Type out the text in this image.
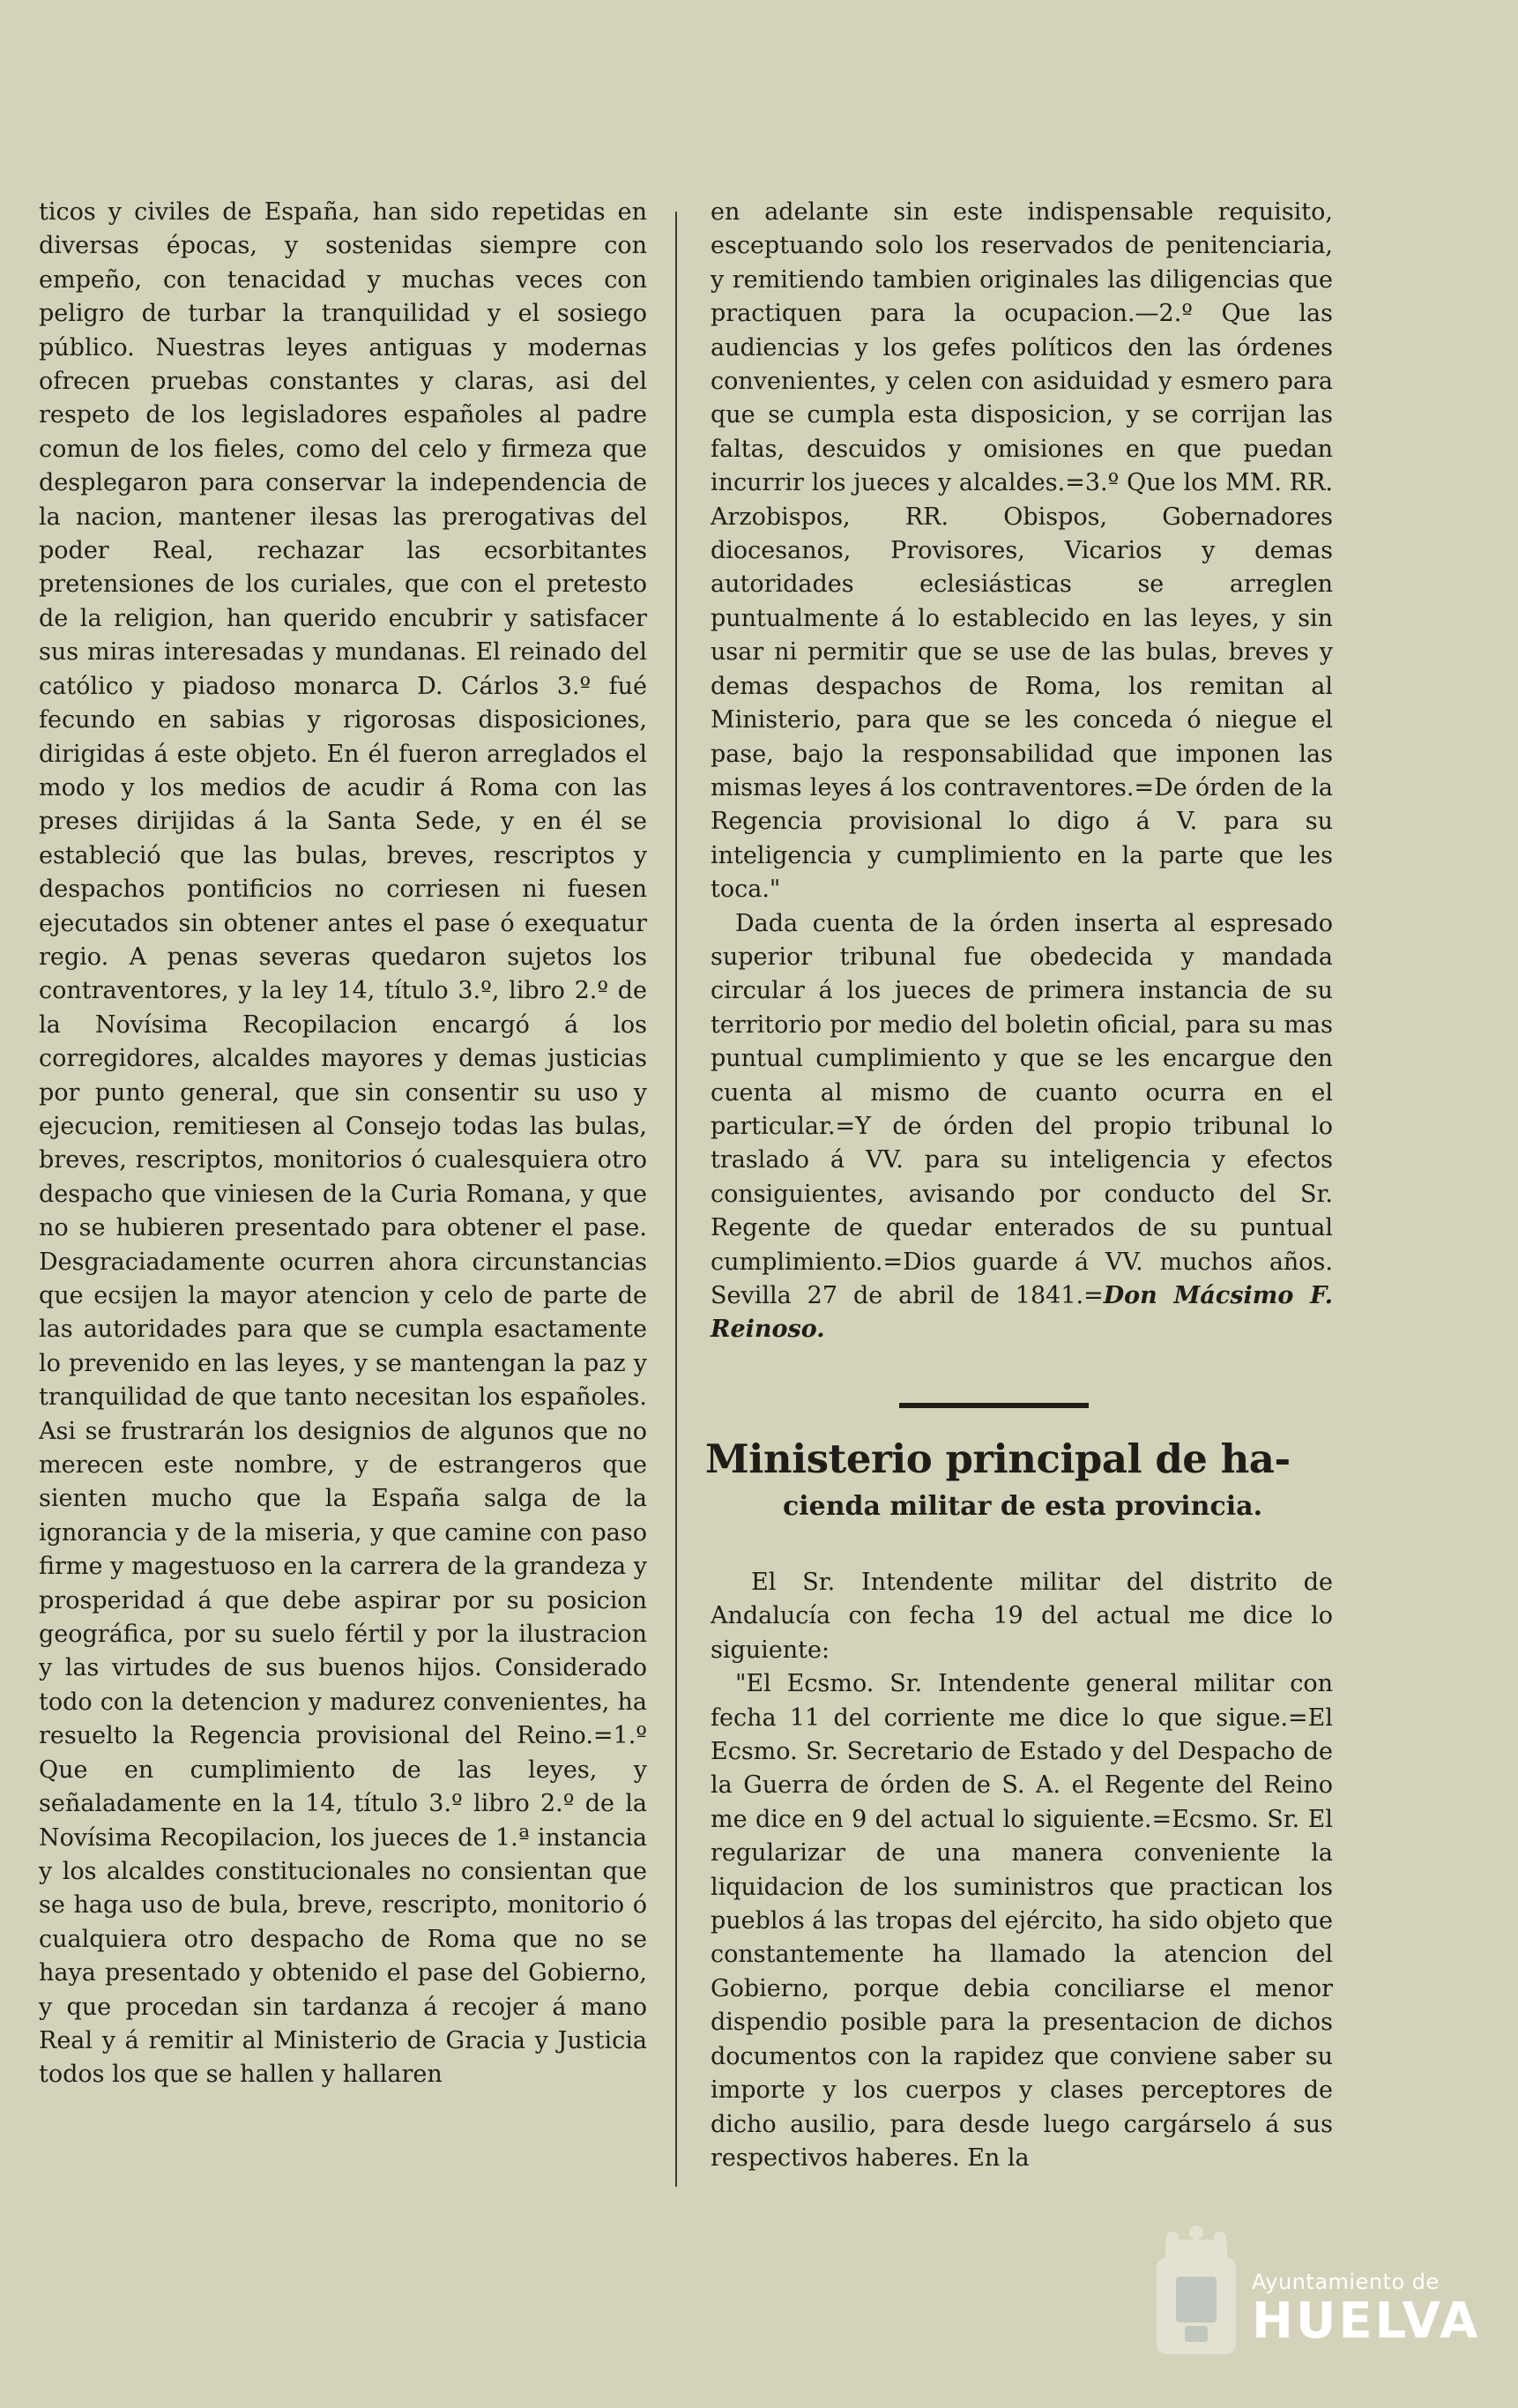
ticos y civiles de España, han sido repetidas en diversas épocas, y sostenidas siempre con empeño, con tenacidad y muchas veces con peligro de turbar la tranquilidad y el sosiego público. Nuestras leyes antiguas y modernas ofrecen pruebas constantes y claras, asi del respeto de los legisladores españoles al padre comun de los fieles, como del celo y firmeza que desplegaron para conservar la independencia de la nacion, mantener ilesas las prerogativas del poder Real, rechazar las ecsorbitantes pretensiones de los curiales, que con el pretesto de la religion, han querido encubrir y satisfacer sus miras interesadas y mundanas. El reinado del católico y piadoso monarca D. Cárlos 3.º fué fecundo en sabias y rigorosas disposiciones, dirigidas á este objeto. En él fueron arreglados el modo y los medios de acudir á Roma con las preses dirijidas á la Santa Sede, y en él se estableció que las bulas, breves, rescriptos y despachos pontificios no corriesen ni fuesen ejecutados sin obtener antes el pase ó exequatur regio. A penas severas quedaron sujetos los contraventores, y la ley 14, título 3.º, libro 2.º de la Novísima Recopilacion encargó á los corregidores, alcaldes mayores y demas justicias por punto general, que sin consentir su uso y ejecucion, remitiesen al Consejo todas las bulas, breves, rescriptos, monitorios ó cualesquiera otro despacho que viniesen de la Curia Romana, y que no se hubieren presentado para obtener el pase. Desgraciadamente ocurren ahora circunstancias que ecsijen la mayor atencion y celo de parte de las autoridades para que se cumpla esactamente lo prevenido en las leyes, y se mantengan la paz y tranquilidad de que tanto necesitan los españoles. Asi se frustrarán los designios de algunos que no merecen este nombre, y de estrangeros que sienten mucho que la España salga de la ignorancia y de la miseria, y que camine con paso firme y magestuoso en la carrera de la grandeza y prosperidad á que debe aspirar por su posicion geográfica, por su suelo fértil y por la ilustracion y las virtudes de sus buenos hijos. Considerado todo con la detencion y madurez convenientes, ha resuelto la Regencia provisional del Reino.=1.º Que en cumplimiento de las leyes, y señaladamente en la 14, título 3.º libro 2.º de la Novísima Recopilacion, los jueces de 1.ª instancia y los alcaldes constitucionales no consientan que se haga uso de bula, breve, rescripto, monitorio ó cualquiera otro despacho de Roma que no se haya presentado y obtenido el pase del Gobierno, y que procedan sin tardanza á recojer á mano Real y á remitir al Ministerio de Gracia y Justicia todos los que se hallen y hallaren

en adelante sin este indispensable requisito, esceptuando solo los reservados de penitenciaria, y remitiendo tambien originales las diligencias que practiquen para la ocupacion.—2.º Que las audiencias y los gefes políticos den las órdenes convenientes, y celen con asiduidad y esmero para que se cumpla esta disposicion, y se corrijan las faltas, descuidos y omisiones en que puedan incurrir los jueces y alcaldes.=3.º Que los MM. RR. Arzobispos, RR. Obispos, Gobernadores diocesanos, Provisores, Vicarios y demas autoridades eclesiásticas se arreglen puntualmente á lo establecido en las leyes, y sin usar ni permitir que se use de las bulas, breves y demas despachos de Roma, los remitan al Ministerio, para que se les conceda ó niegue el pase, bajo la responsabilidad que imponen las mismas leyes á los contraventores.=De órden de la Regencia provisional lo digo á V. para su inteligencia y cumplimiento en la parte que les toca."

Dada cuenta de la órden inserta al espresado superior tribunal fue obedecida y mandada circular á los jueces de primera instancia de su territorio por medio del boletin oficial, para su mas puntual cumplimiento y que se les encargue den cuenta al mismo de cuanto ocurra en el particular.=Y de órden del propio tribunal lo traslado á VV. para su inteligencia y efectos consiguientes, avisando por conducto del Sr. Regente de quedar enterados de su puntual cumplimiento.=Dios guarde á VV. muchos años. Sevilla 27 de abril de 1841.=Don Mácsimo F. Reinoso.

Ministerio principal de ha-
cienda militar de esta provincia.

El Sr. Intendente militar del distrito de Andalucía con fecha 19 del actual me dice lo siguiente:

"El Ecsmo. Sr. Intendente general militar con fecha 11 del corriente me dice lo que sigue.=El Ecsmo. Sr. Secretario de Estado y del Despacho de la Guerra de órden de S. A. el Regente del Reino me dice en 9 del actual lo siguiente.=Ecsmo. Sr. El regularizar de una manera conveniente la liquidacion de los suministros que practican los pueblos á las tropas del ejército, ha sido objeto que constantemente ha llamado la atencion del Gobierno, porque debia conciliarse el menor dispendio posible para la presentacion de dichos documentos con la rapidez que conviene saber su importe y los cuerpos y clases perceptores de dicho ausilio, para desde luego cargárselo á sus respectivos haberes. En la

Ayuntamiento de
HUELVA
